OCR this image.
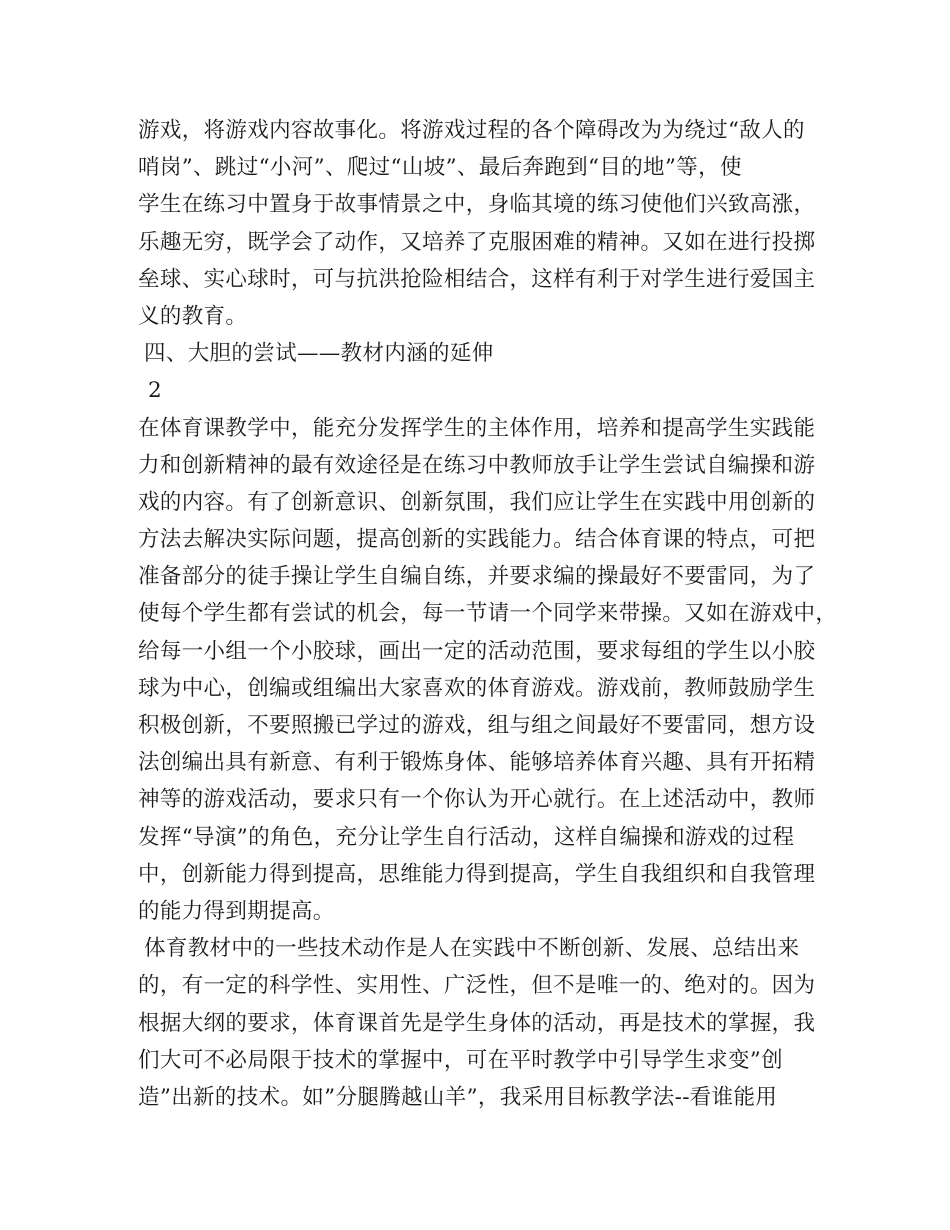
游戏，将游戏内容故事化。将游戏过程的各个障碍改为为绕过“敌人的
哨岗”、跳过“小河”、爬过“山坡”、最后奔跑到“目的地”等，使
学生在练习中置身于故事情景之中，身临其境的练习使他们兴致高涨，
乐趣无穷，既学会了动作，又培养了克服困难的精神。又如在进行投掷
垒球、实心球时，可与抗洪抢险相结合，这样有利于对学生进行爱国主
义的教育。
四、大胆的尝试——教材内涵的延伸
2
在体育课教学中，能充分发挥学生的主体作用，培养和提高学生实践能
力和创新精神的最有效途径是在练习中教师放手让学生尝试自编操和游
戏的内容。有了创新意识、创新氛围，我们应让学生在实践中用创新的
方法去解决实际问题，提高创新的实践能力。结合体育课的特点，可把
准备部分的徒手操让学生自编自练，并要求编的操最好不要雷同，为了
使每个学生都有尝试的机会，每一节请一个同学来带操。又如在游戏中，
给每一小组一个小胶球，画出一定的活动范围，要求每组的学生以小胶
球为中心，创编或组编出大家喜欢的体育游戏。游戏前，教师鼓励学生
积极创新，不要照搬已学过的游戏，组与组之间最好不要雷同，想方设
法创编出具有新意、有利于锻炼身体、能够培养体育兴趣、具有开拓精
神等的游戏活动，要求只有一个你认为开心就行。在上述活动中，教师
发挥“导演”的角色，充分让学生自行活动，这样自编操和游戏的过程
中，创新能力得到提高，思维能力得到提高，学生自我组织和自我管理
的能力得到期提高。
体育教材中的一些技术动作是人在实践中不断创新、发展、总结出来
的，有一定的科学性、实用性、广泛性，但不是唯一的、绝对的。因为
根据大纲的要求，体育课首先是学生身体的活动，再是技术的掌握，我
们大可不必局限于技术的掌握中，可在平时教学中引导学生求变”创
造”出新的技术。如”分腿腾越山羊”，我采用目标教学法--看谁能用
